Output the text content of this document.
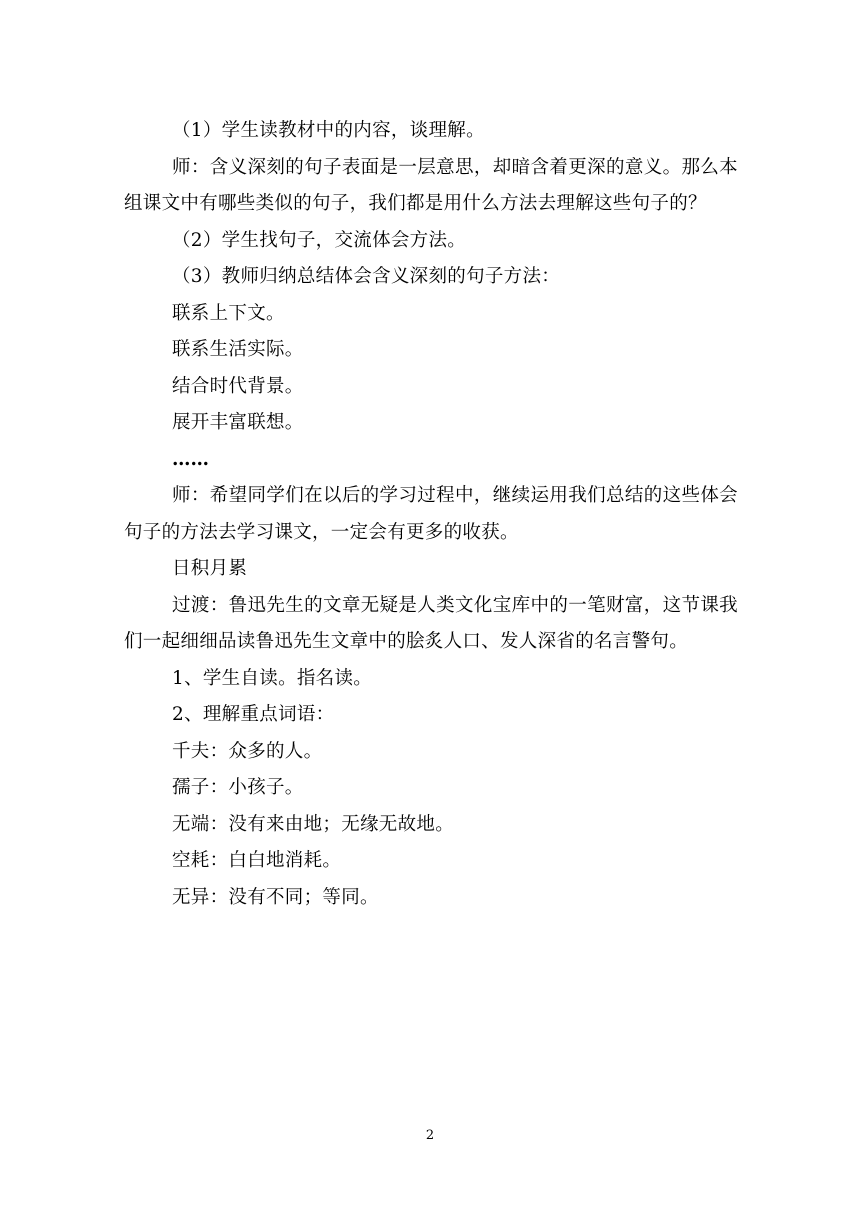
（1）学生读教材中的内容，谈理解。

师：含义深刻的句子表面是一层意思，却暗含着更深的意义。那么本组课文中有哪些类似的句子，我们都是用什么方法去理解这些句子的？

（2）学生找句子，交流体会方法。

（3）教师归纳总结体会含义深刻的句子方法：

联系上下文。

联系生活实际。

结合时代背景。

展开丰富联想。

……

师：希望同学们在以后的学习过程中，继续运用我们总结的这些体会句子的方法去学习课文，一定会有更多的收获。

日积月累

过渡：鲁迅先生的文章无疑是人类文化宝库中的一笔财富，这节课我们一起细细品读鲁迅先生文章中的脍炙人口、发人深省的名言警句。

1、学生自读。指名读。

2、理解重点词语：

千夫：众多的人。

孺子：小孩子。

无端：没有来由地；无缘无故地。

空耗：白白地消耗。

无异：没有不同；等同。

2
